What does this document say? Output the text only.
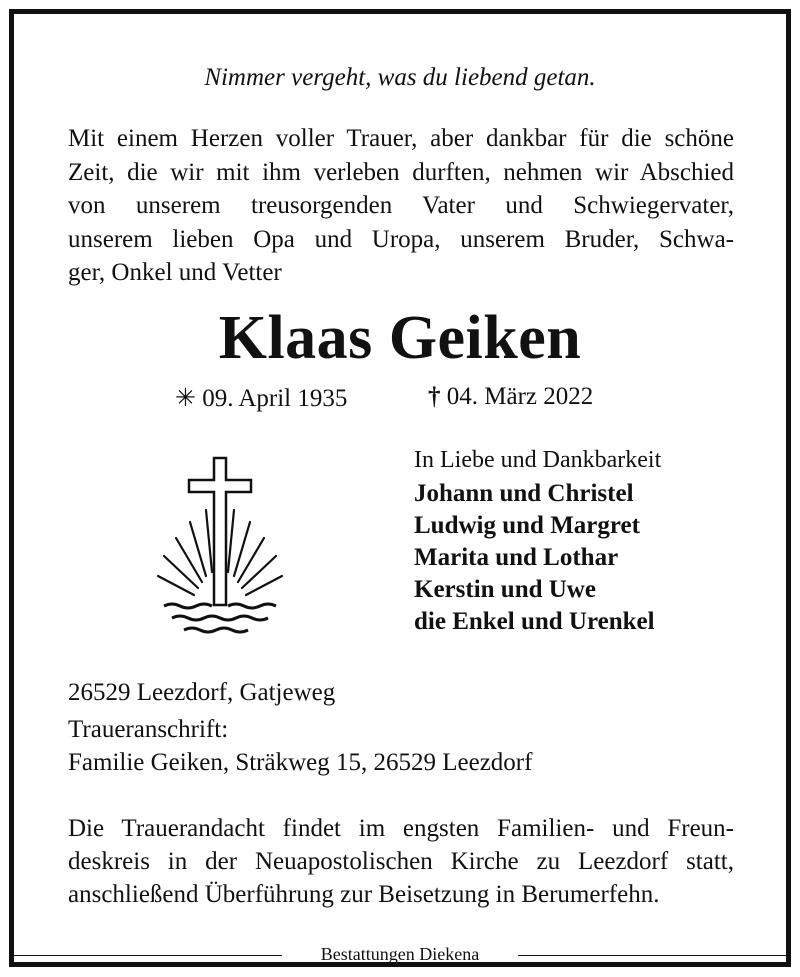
Nimmer vergeht, was du liebend getan.

Mit einem Herzen voller Trauer, aber dankbar für die schöne
Zeit, die wir mit ihm verleben durften, nehmen wir Abschied
von unserem treusorgenden Vater und Schwiegervater,
unserem lieben Opa und Uropa, unserem Bruder, Schwa-
ger, Onkel und Vetter

Klaas Geiken
✳ 09. April 1935	† 04. März 2022
In Liebe und Dankbarkeit
Johann und Christel
Ludwig und Margret
Marita und Lothar
Kerstin und Uwe
die Enkel und Urenkel
26529 Leezdorf, Gatjeweg
Traueranschrift:
Familie Geiken, Sträkweg 15, 26529 Leezdorf

Die Trauerandacht findet im engsten Familien- und Freun-
deskreis in der Neuapostolischen Kirche zu Leezdorf statt,
anschließend Überführung zur Beisetzung in Berumerfehn.

Bestattungen Diekena
